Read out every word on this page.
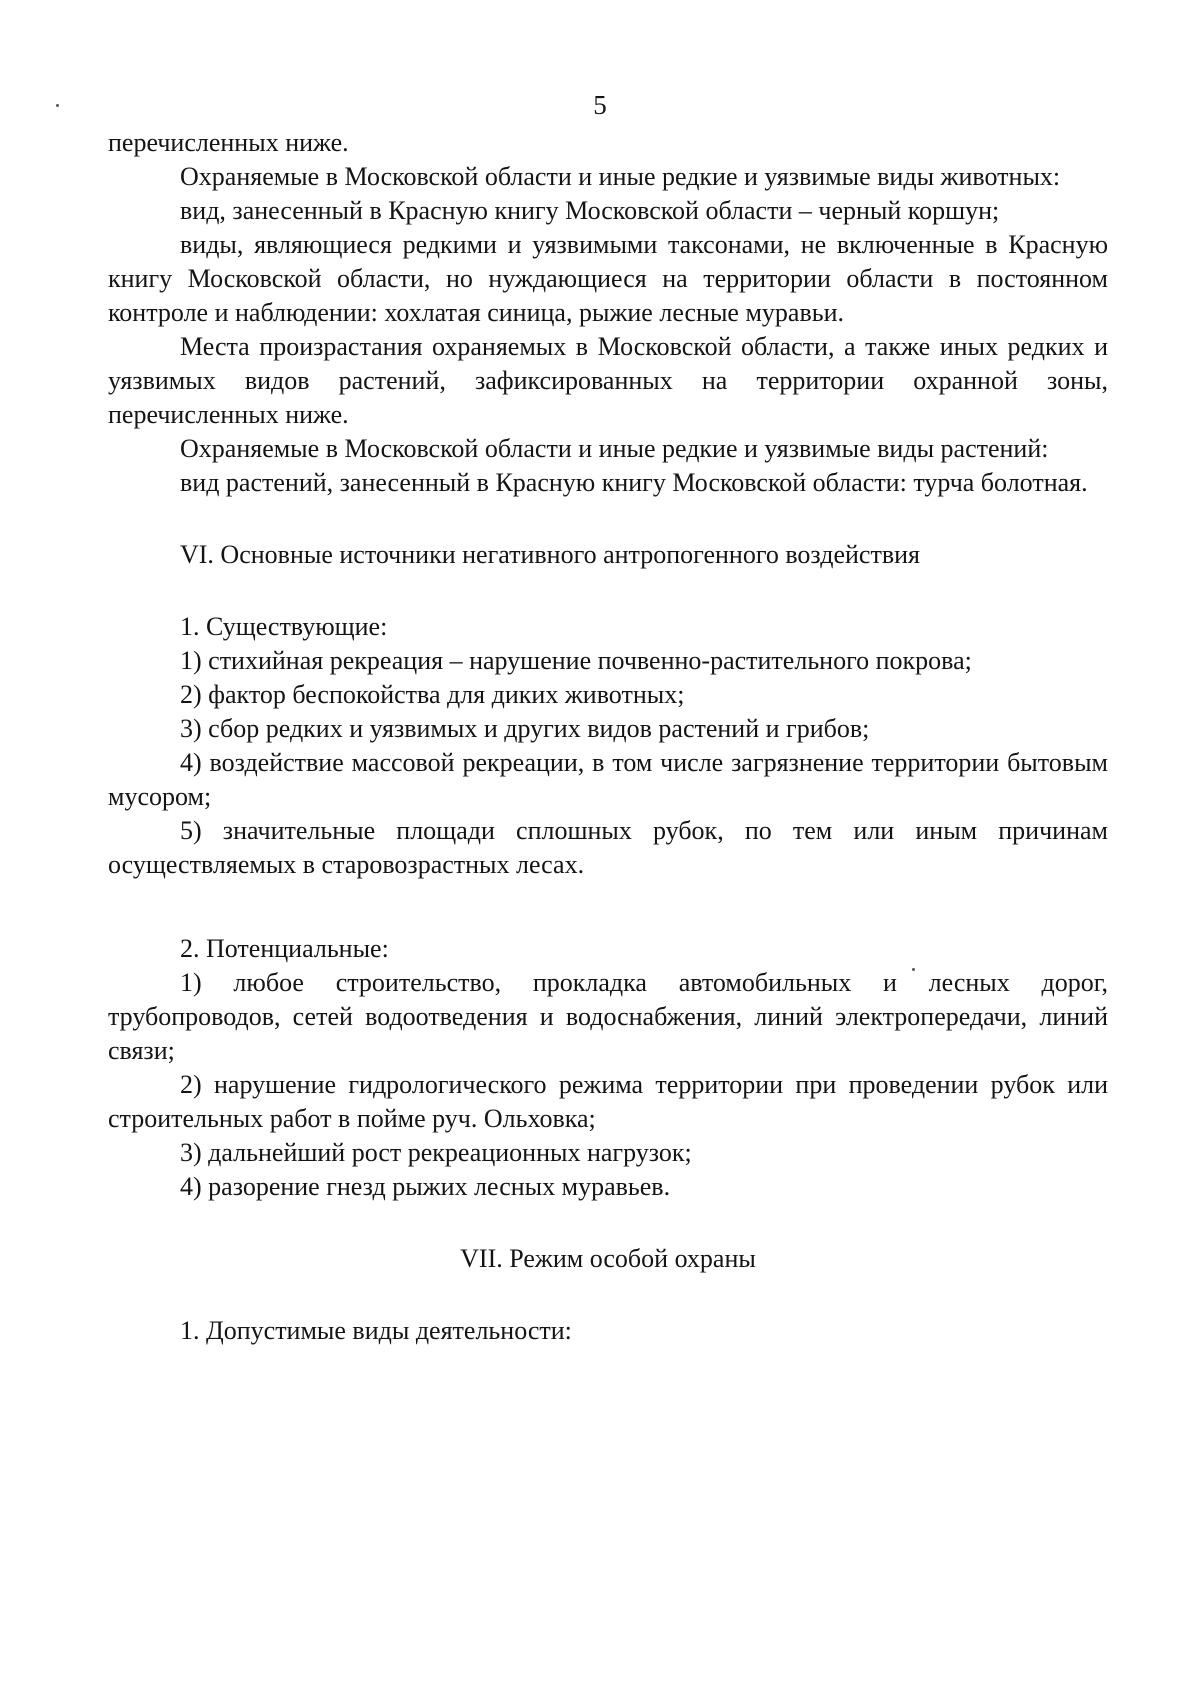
5

перечисленных ниже.

Охраняемые в Московской области и иные редкие и уязвимые виды животных:

вид, занесенный в Красную книгу Московской области – черный коршун;

виды, являющиеся редкими и уязвимыми таксонами, не включенные в Красную книгу Московской области, но нуждающиеся на территории области в постоянном контроле и наблюдении: хохлатая синица, рыжие лесные муравьи.

Места произрастания охраняемых в Московской области, а также иных редких и уязвимых видов растений, зафиксированных на территории охранной зоны, перечисленных ниже.

Охраняемые в Московской области и иные редкие и уязвимые виды растений:

вид растений, занесенный в Красную книгу Московской области: турча болотная.

VI. Основные источники негативного антропогенного воздействия

1. Существующие:

1) стихийная рекреация – нарушение почвенно-растительного покрова;

2) фактор беспокойства для диких животных;

3) сбор редких и уязвимых и других видов растений и грибов;

4) воздействие массовой рекреации, в том числе загрязнение территории бытовым мусором;

5) значительные площади сплошных рубок, по тем или иным причинам осуществляемых в старовозрастных лесах.

2. Потенциальные:

1) любое строительство, прокладка автомобильных и лесных дорог, трубопроводов, сетей водоотведения и водоснабжения, линий электропередачи, линий связи;

2) нарушение гидрологического режима территории при проведении рубок или строительных работ в пойме руч. Ольховка;

3) дальнейший рост рекреационных нагрузок;

4) разорение гнезд рыжих лесных муравьев.

VII. Режим особой охраны

1. Допустимые виды деятельности:
